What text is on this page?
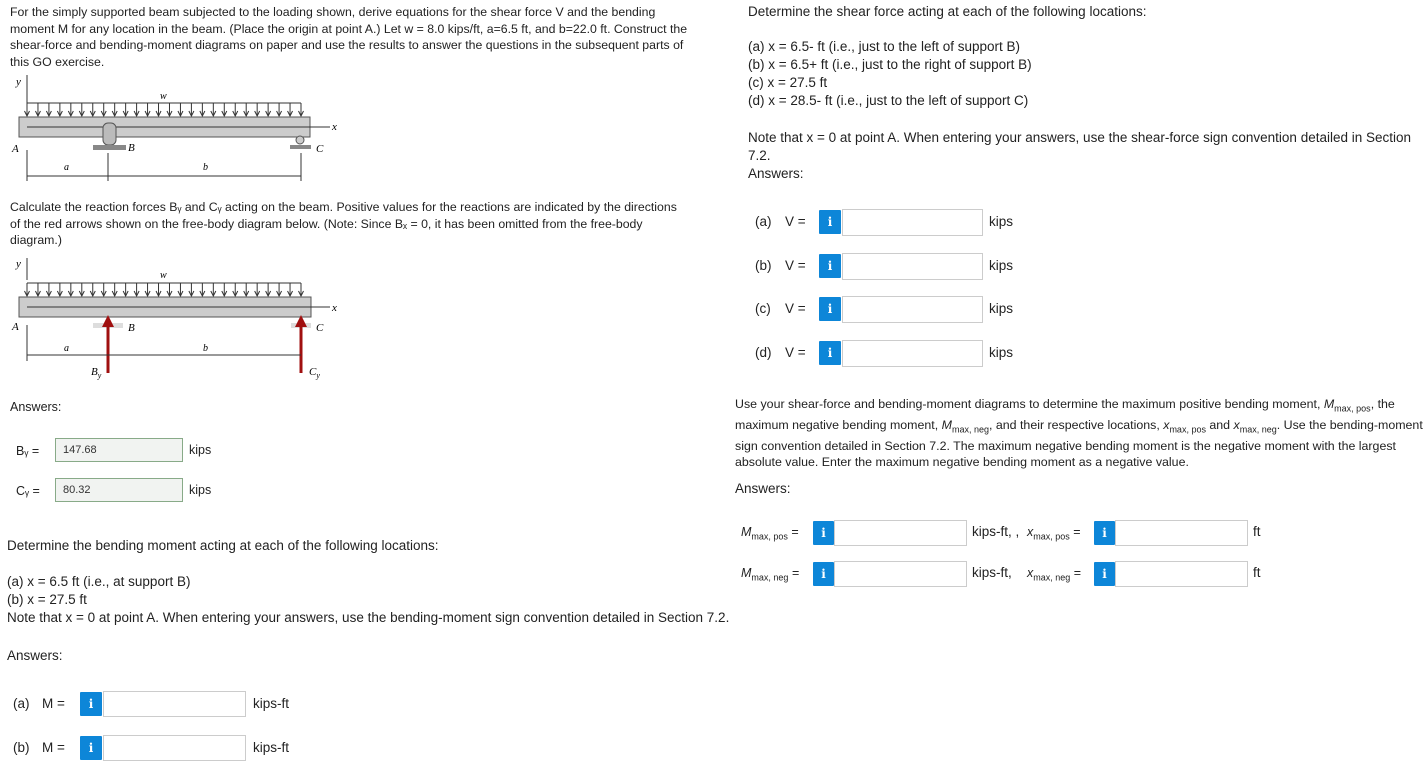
For the simply supported beam subjected to the loading shown, derive equations for the shear force V and the bending moment M for any location in the beam. (Place the origin at point A.) Let w = 8.0 kips/ft, a=6.5 ft, and b=22.0 ft. Construct the shear-force and bending-moment diagrams on paper and use the results to answer the questions in the subsequent parts of this GO exercise.
y
w
x
A	B	C
a	b
Calculate the reaction forces Bᵧ and Cᵧ acting on the beam. Positive values for the reactions are indicated by the directions of the red arrows shown on the free-body diagram below. (Note: Since Bₓ = 0, it has been omitted from the free-body diagram.)
y
w
x
A	B	C
a	b
$B_y$	$C_y$
Answers:
Bᵧ =	147.68	kips
Cᵧ =	80.32	kips
Determine the bending moment acting at each of the following locations:
(a) x = 6.5 ft (i.e., at support B)
(b) x = 27.5 ft
Note that x = 0 at point A. When entering your answers, use the bending-moment sign convention detailed in Section 7.2.
Answers:
(a) M =	i	kips-ft
(b) M =	i	kips-ft
Determine the shear force acting at each of the following locations:
(a) x = 6.5- ft (i.e., just to the left of support B)
(b) x = 6.5+ ft (i.e., just to the right of support B)
(c) x = 27.5 ft
(d) x = 28.5- ft (i.e., just to the left of support C)
Note that x = 0 at point A. When entering your answers, use the shear-force sign convention detailed in Section 7.2.
Answers:
(a) V =	i	kips
(b) V =	i	kips
(c) V =	i	kips
(d) V =	i	kips
Use your shear-force and bending-moment diagrams to determine the maximum positive bending moment, $M_{max, pos}$, the maximum negative bending moment, $M_{max, neg}$, and their respective locations, $x_{max, pos}$ and $x_{max, neg}$. Use the bending-moment sign convention detailed in Section 7.2. The maximum negative bending moment is the negative moment with the largest absolute value. Enter the maximum negative bending moment as a negative value.
Answers:
$M_{max, pos}$ =	i	kips-ft, , $x_{max, pos}$ =	i	ft
$M_{max, neg}$ =	i	kips-ft, $x_{max, neg}$ =	i	ft
